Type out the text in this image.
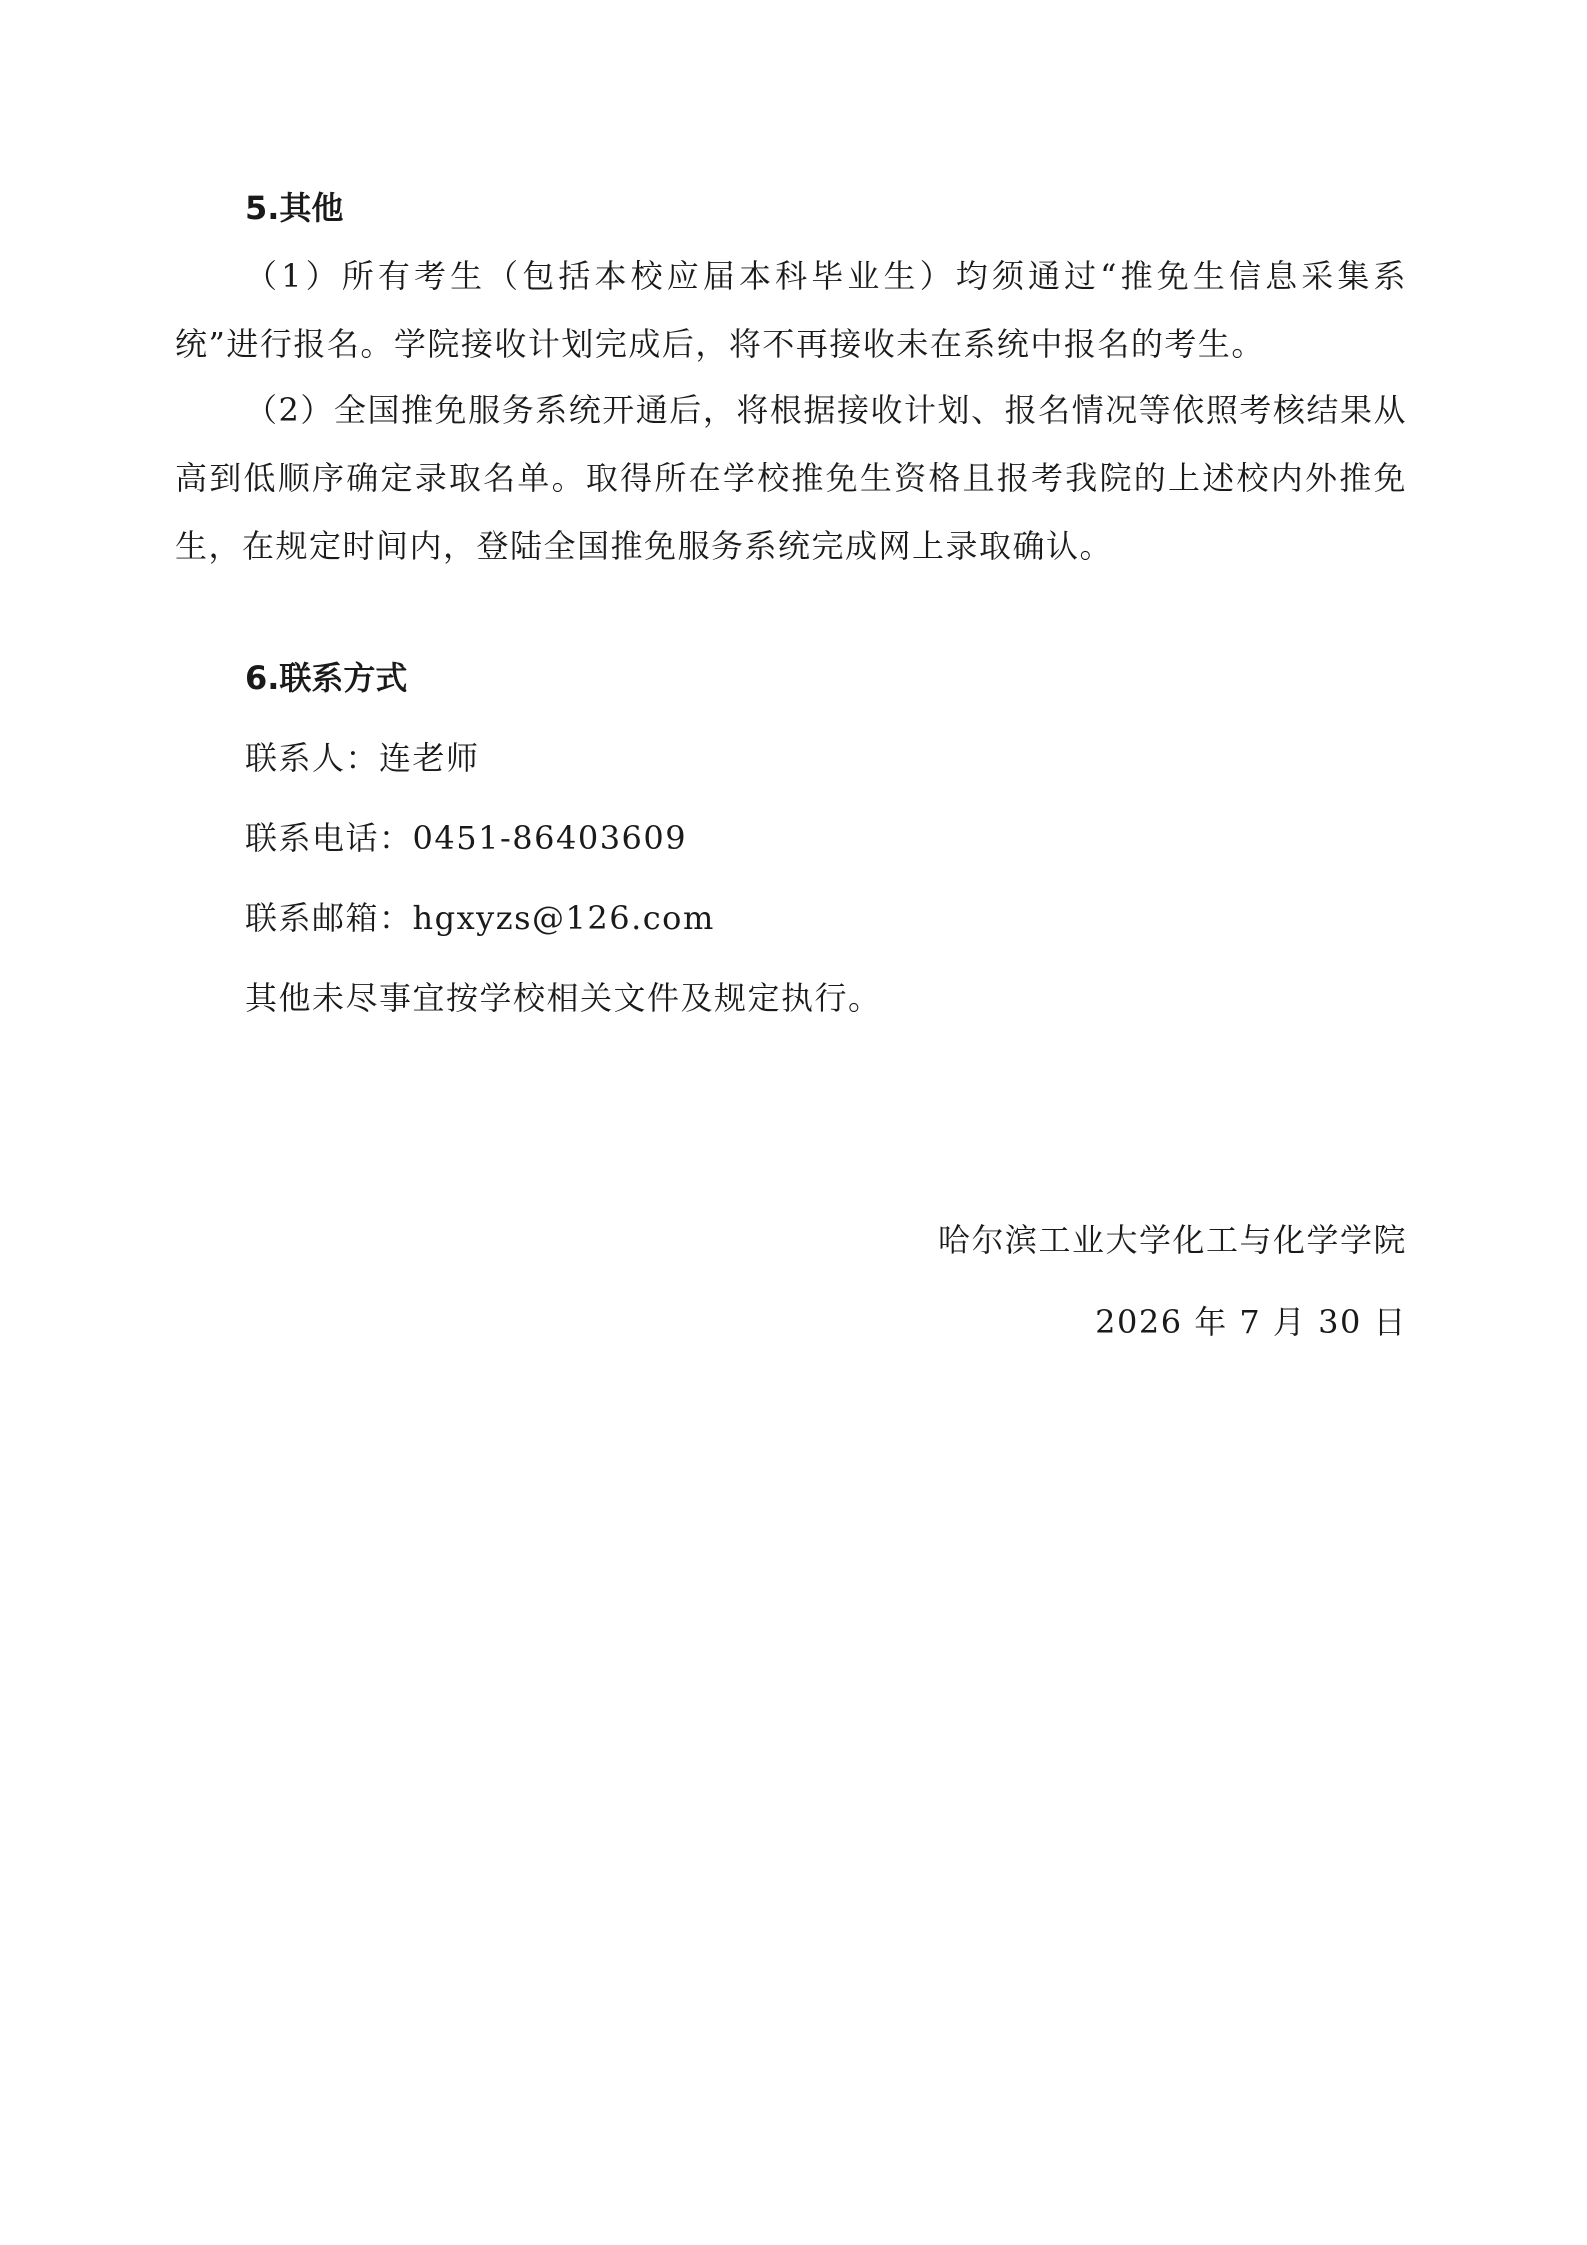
5.其他

（1）所有考生（包括本校应届本科毕业生）均须通过“推免生信息采集系统”进行报名。学院接收计划完成后，将不再接收未在系统中报名的考生。

（2）全国推免服务系统开通后，将根据接收计划、报名情况等依照考核结果从高到低顺序确定录取名单。取得所在学校推免生资格且报考我院的上述校内外推免生，在规定时间内，登陆全国推免服务系统完成网上录取确认。

6.联系方式
联系人：连老师
联系电话：0451-86403609
联系邮箱：hgxyzs@126.com
其他未尽事宜按学校相关文件及规定执行。
哈尔滨工业大学化工与化学学院
2026 年 7 月 30 日
